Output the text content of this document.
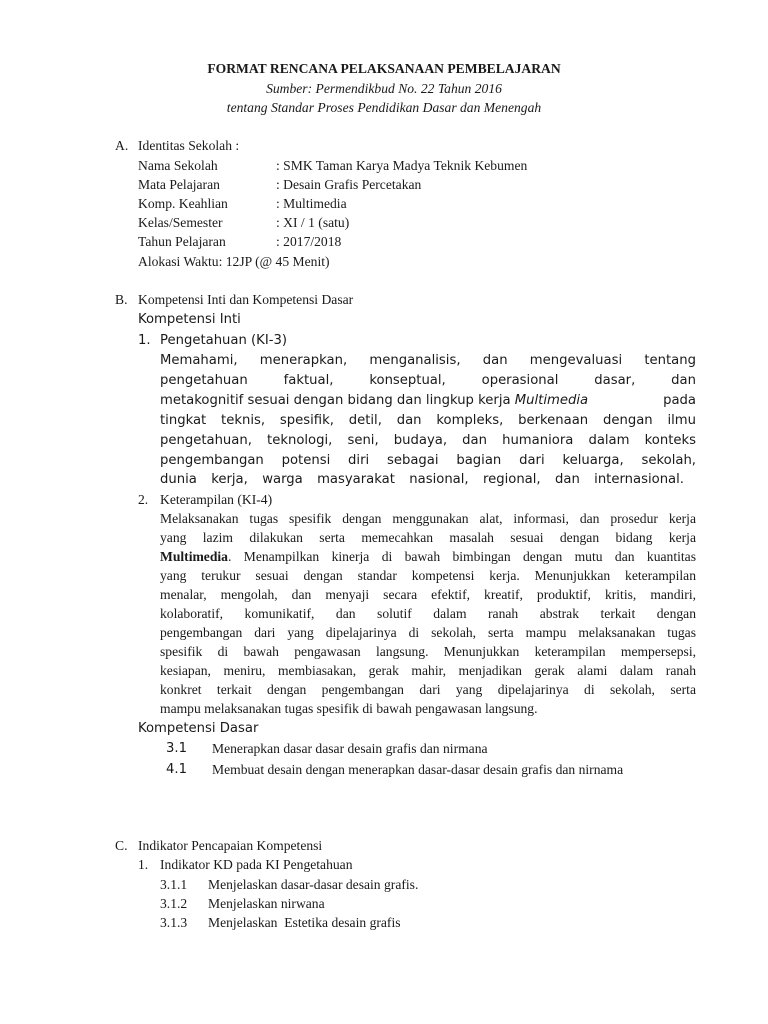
FORMAT RENCANA PELAKSANAAN PEMBELAJARAN
Sumber: Permendikbud No. 22 Tahun 2016
tentang Standar Proses Pendidikan Dasar dan Menengah
A. Identitas Sekolah :
Nama Sekolah	: SMK Taman Karya Madya Teknik Kebumen
Mata Pelajaran	: Desain Grafis Percetakan
Komp. Keahlian	: Multimedia
Kelas/Semester	: XI / 1 (satu)
Tahun Pelajaran	: 2017/2018
Alokasi Waktu: 12JP (@ 45 Menit)
B. Kompetensi Inti dan Kompetensi Dasar
Kompetensi Inti
1. Pengetahuan (KI-3)
Memahami, menerapkan, menganalisis, dan mengevaluasi tentang
pengetahuan faktual, konseptual, operasional dasar, dan
metakognitif sesuai dengan bidang dan lingkup kerja Multimedia	pada
tingkat teknis, spesifik, detil, dan kompleks, berkenaan dengan ilmu
pengetahuan, teknologi, seni, budaya, dan humaniora dalam konteks
pengembangan potensi diri sebagai bagian dari keluarga, sekolah,
dunia kerja, warga masyarakat nasional, regional, dan internasional.
2. Keterampilan (KI-4)
Melaksanakan tugas spesifik dengan menggunakan alat, informasi, dan prosedur kerja
yang lazim dilakukan serta memecahkan masalah sesuai dengan bidang kerja
Multimedia. Menampilkan kinerja di bawah bimbingan dengan mutu dan kuantitas
yang terukur sesuai dengan standar kompetensi kerja. Menunjukkan keterampilan
menalar, mengolah, dan menyaji secara efektif, kreatif, produktif, kritis, mandiri,
kolaboratif, komunikatif, dan solutif dalam ranah abstrak terkait dengan
pengembangan dari yang dipelajarinya di sekolah, serta mampu melaksanakan tugas
spesifik di bawah pengawasan langsung. Menunjukkan keterampilan mempersepsi,
kesiapan, meniru, membiasakan, gerak mahir, menjadikan gerak alami dalam ranah
konkret terkait dengan pengembangan dari yang dipelajarinya di sekolah, serta
mampu melaksanakan tugas spesifik di bawah pengawasan langsung.
Kompetensi Dasar
3.1 Menerapkan dasar dasar desain grafis dan nirmana
4.1 Membuat desain dengan menerapkan dasar-dasar desain grafis dan nirnama
C. Indikator Pencapaian Kompetensi
1. Indikator KD pada KI Pengetahuan
3.1.1 Menjelaskan dasar-dasar desain grafis.
3.1.2 Menjelaskan nirwana
3.1.3 Menjelaskan  Estetika desain grafis
